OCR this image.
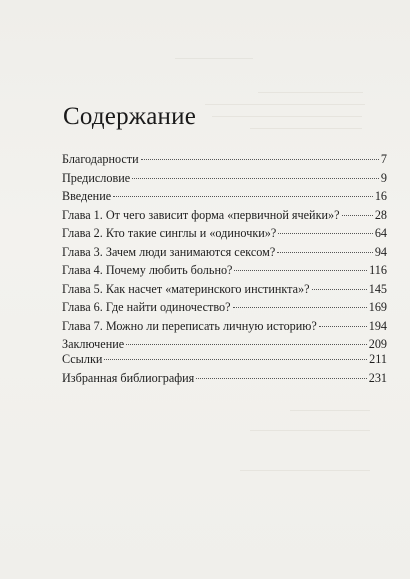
Содержание
Благодарности	7
Предисловие	9
Введение	16
Глава 1. От чего зависит форма «первичной ячейки»?	28
Глава 2. Кто такие синглы и «одиночки»?	64
Глава 3. Зачем люди занимаются сексом?	94
Глава 4. Почему любить больно?	116
Глава 5. Как насчет «материнского инстинкта»?	145
Глава 6. Где найти одиночество?	169
Глава 7. Можно ли переписать личную историю?	194
Заключение	209
Ссылки	211
Избранная библиография	231
